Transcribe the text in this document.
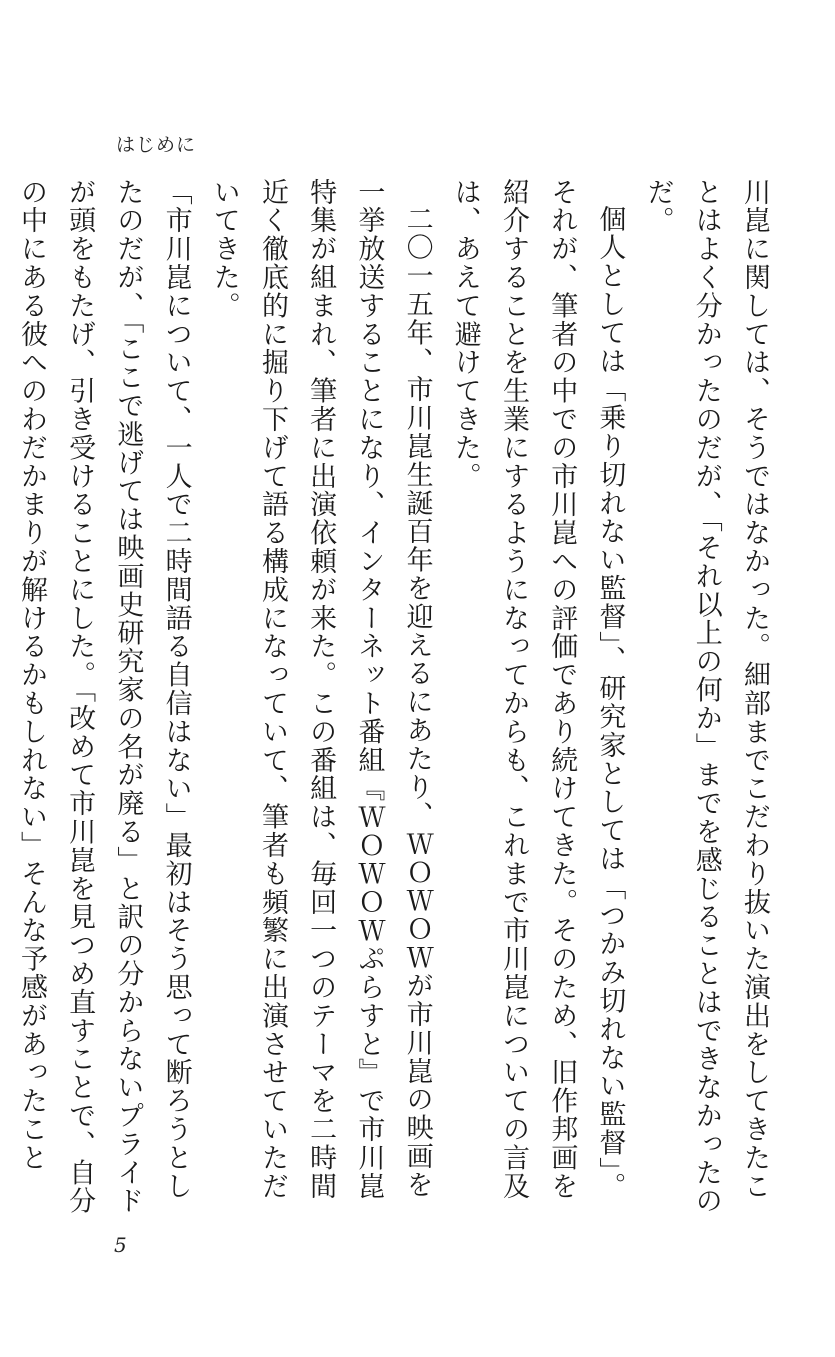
はじめに

川崑に関しては、そうではなかった。細部までこだわり抜いた演出をしてきたことはよく分かったのだが、「それ以上の何か」までを感じることはできなかったのだ。

個人としては「乗り切れない監督」、研究家としては「つかみ切れない監督」。それが、筆者の中での市川崑への評価であり続けてきた。そのため、旧作邦画を紹介することを生業にするようになってからも、これまで市川崑についての言及は、あえて避けてきた。

二〇一五年、市川崑生誕百年を迎えるにあたり、ＷＯＷＯＷが市川崑の映画を一挙放送することになり、インターネット番組『ＷＯＷＯＷぷらすと』で市川崑特集が組まれ、筆者に出演依頼が来た。この番組は、毎回一つのテーマを二時間近く徹底的に掘り下げて語る構成になっていて、筆者も頻繁に出演させていただいてきた。

「市川崑について、一人で二時間語る自信はない」最初はそう思って断ろうとしたのだが、「ここで逃げては映画史研究家の名が廃る」と訳の分からないプライドが頭をもたげ、引き受けることにした。「改めて市川崑を見つめ直すことで、自分の中にある彼へのわだかまりが解けるかもしれない」そんな予感があったこと

5
